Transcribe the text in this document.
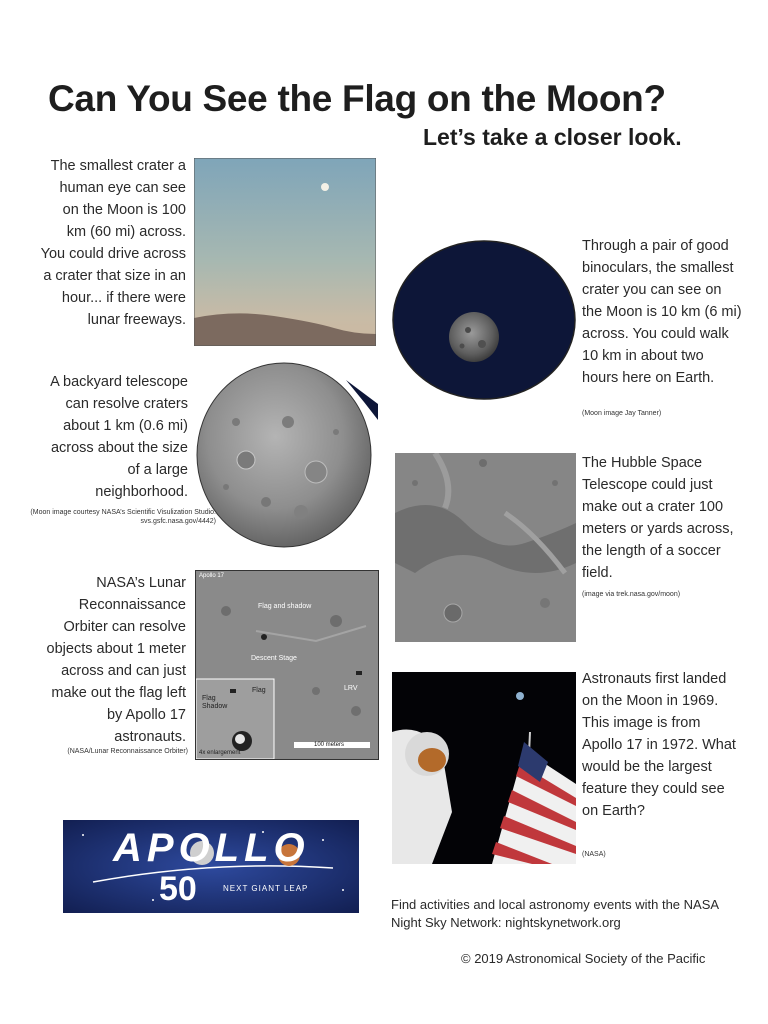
Can You See the Flag on the Moon?
Let’s take a closer look.
The smallest crater a human eye can see on the Moon is 100 km (60 mi) across. You could drive across a crater that size in an hour... if there were lunar freeways.
Through a pair of good binoculars, the smallest crater you can see on the Moon is 10 km (6 mi) across. You could walk 10 km in about two hours here on Earth.
(Moon image Jay Tanner)
A backyard telescope can resolve craters about 1 km (0.6 mi) across about the size of a large neighborhood.
(Moon image courtesy NASA’s Scientific Visulization Studio: svs.gsfc.nasa.gov/4442)
The Hubble Space Telescope could just make out a crater 100 meters or yards across, the length of a soccer field.
(image via trek.nasa.gov/moon)
NASA’s Lunar Reconnaissance Orbiter can resolve objects about 1 meter across and can just make out the flag left by Apollo 17 astronauts.
(NASA/Lunar Reconnaissance Orbiter)
Apollo 17
Flag and shadow
Descent Stage
LRV
Flag
Flag Shadow
4x enlargement
100 meters
Astronauts first landed on the Moon in 1969. This image is from Apollo 17 in 1972. What would be the largest feature they could see on Earth?
(NASA)
APOLLO
50	NEXT GIANT LEAP
Find activities and local astronomy events with the NASA Night Sky Network: nightskynetwork.org
© 2019 Astronomical Society of the Pacific
